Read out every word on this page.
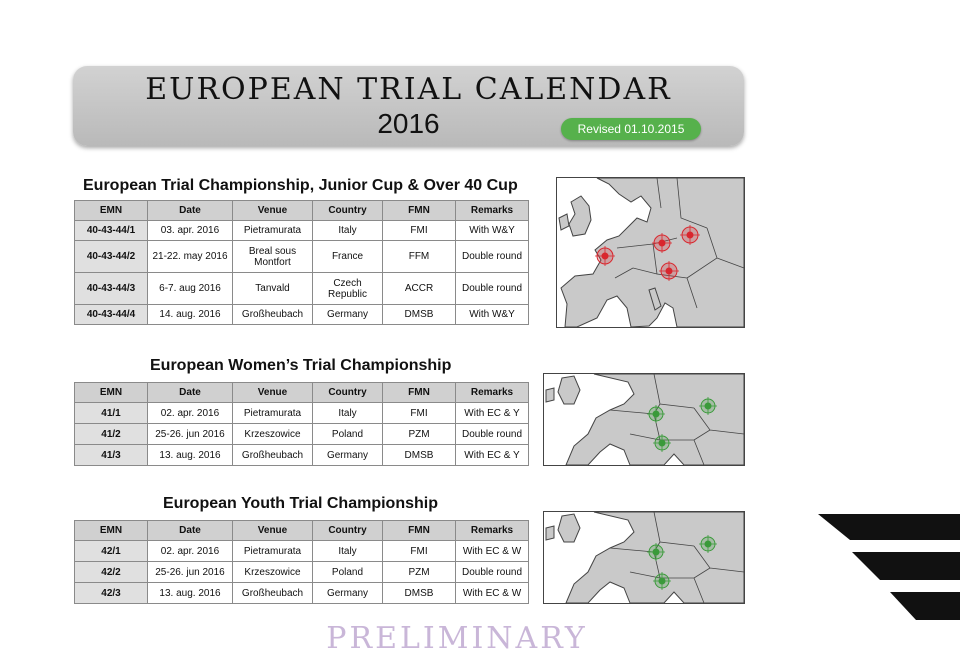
EUROPEAN TRIAL CALENDAR
2016	Revised 01.10.2015
European Trial Championship, Junior Cup & Over 40 Cup
EMN	Date	Venue	Country	FMN	Remarks
40-43-44/1	03. apr. 2016	Pietramurata	Italy	FMI	With W&Y
40-43-44/2	21-22. may 2016	Breal sous Montfort	France	FFM	Double round
40-43-44/3	6-7. aug 2016	Tanvald	Czech Republic	ACCR	Double round
40-43-44/4	14. aug. 2016	Großheubach	Germany	DMSB	With W&Y
European Women’s Trial Championship
EMN	Date	Venue	Country	FMN	Remarks
41/1	02. apr. 2016	Pietramurata	Italy	FMI	With EC & Y
41/2	25-26. jun 2016	Krzeszowice	Poland	PZM	Double round
41/3	13. aug. 2016	Großheubach	Germany	DMSB	With EC & Y
European Youth Trial Championship
EMN	Date	Venue	Country	FMN	Remarks
42/1	02. apr. 2016	Pietramurata	Italy	FMI	With EC & W
42/2	25-26. jun 2016	Krzeszowice	Poland	PZM	Double round
42/3	13. aug. 2016	Großheubach	Germany	DMSB	With EC & W
PRELIMINARY
